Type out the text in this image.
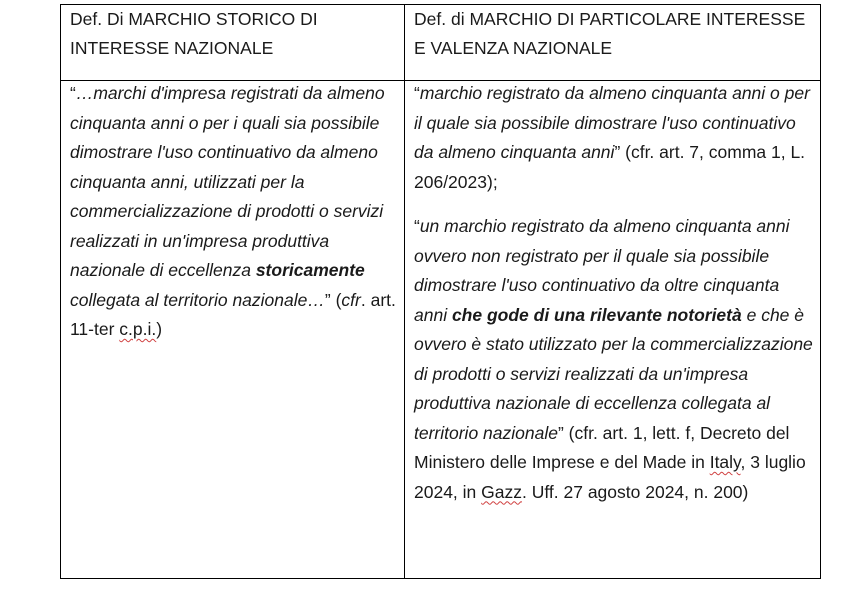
Def. Di MARCHIO STORICO DI INTERESSE NAZIONALE
Def. di MARCHIO DI PARTICOLARE INTERESSE E VALENZA NAZIONALE
“…marchi d'impresa registrati da almeno cinquanta anni o per i quali sia possibile dimostrare l'uso continuativo da almeno cinquanta anni, utilizzati per la commercializzazione di prodotti o servizi realizzati in un'impresa produttiva nazionale di eccellenza storicamente collegata al territorio nazionale…” (cfr. art. 11-ter c.p.i.)

“marchio registrato da almeno cinquanta anni o per il quale sia possibile dimostrare l'uso continuativo da almeno cinquanta anni” (cfr. art. 7, comma 1, L. 206/2023);

“un marchio registrato da almeno cinquanta anni ovvero non registrato per il quale sia possibile dimostrare l'uso continuativo da oltre cinquanta anni che gode di una rilevante notorietà e che è ovvero è stato utilizzato per la commercializzazione di prodotti o servizi realizzati da un'impresa produttiva nazionale di eccellenza collegata al territorio nazionale” (cfr. art. 1, lett. f, Decreto del Ministero delle Imprese e del Made in Italy, 3 luglio 2024, in Gazz. Uff. 27 agosto 2024, n. 200)
